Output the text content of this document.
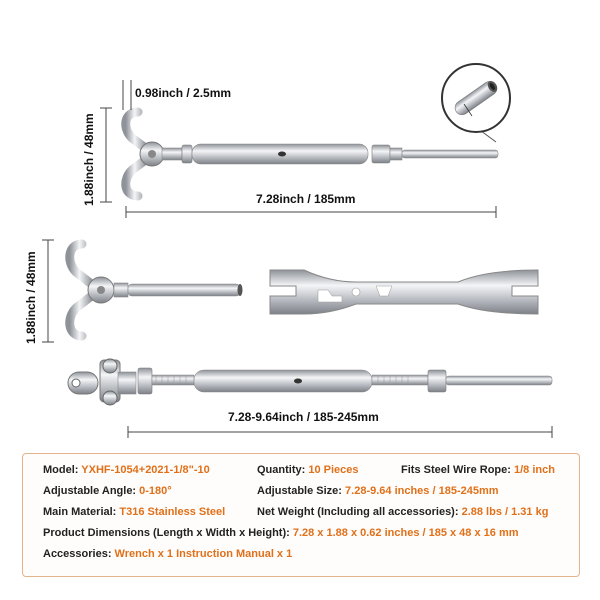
0.98inch / 2.5mm
7.28inch / 185mm
1.88inch / 48mm
1.88inch / 48mm
7.28-9.64inch / 185-245mm
Model: YXHF-1054+2021-1/8"-10	Quantity: 10 Pieces	Fits Steel Wire Rope: 1/8 inch
Adjustable Angle: 0-180°	Adjustable Size: 7.28-9.64 inches / 185-245mm
Main Material: T316 Stainless Steel	Net Weight (Including all accessories): 2.88 lbs / 1.31 kg
Product Dimensions (Length x Width x Height): 7.28 x 1.88 x 0.62 inches / 185 x 48 x 16 mm
Accessories: Wrench x 1 Instruction Manual x 1
